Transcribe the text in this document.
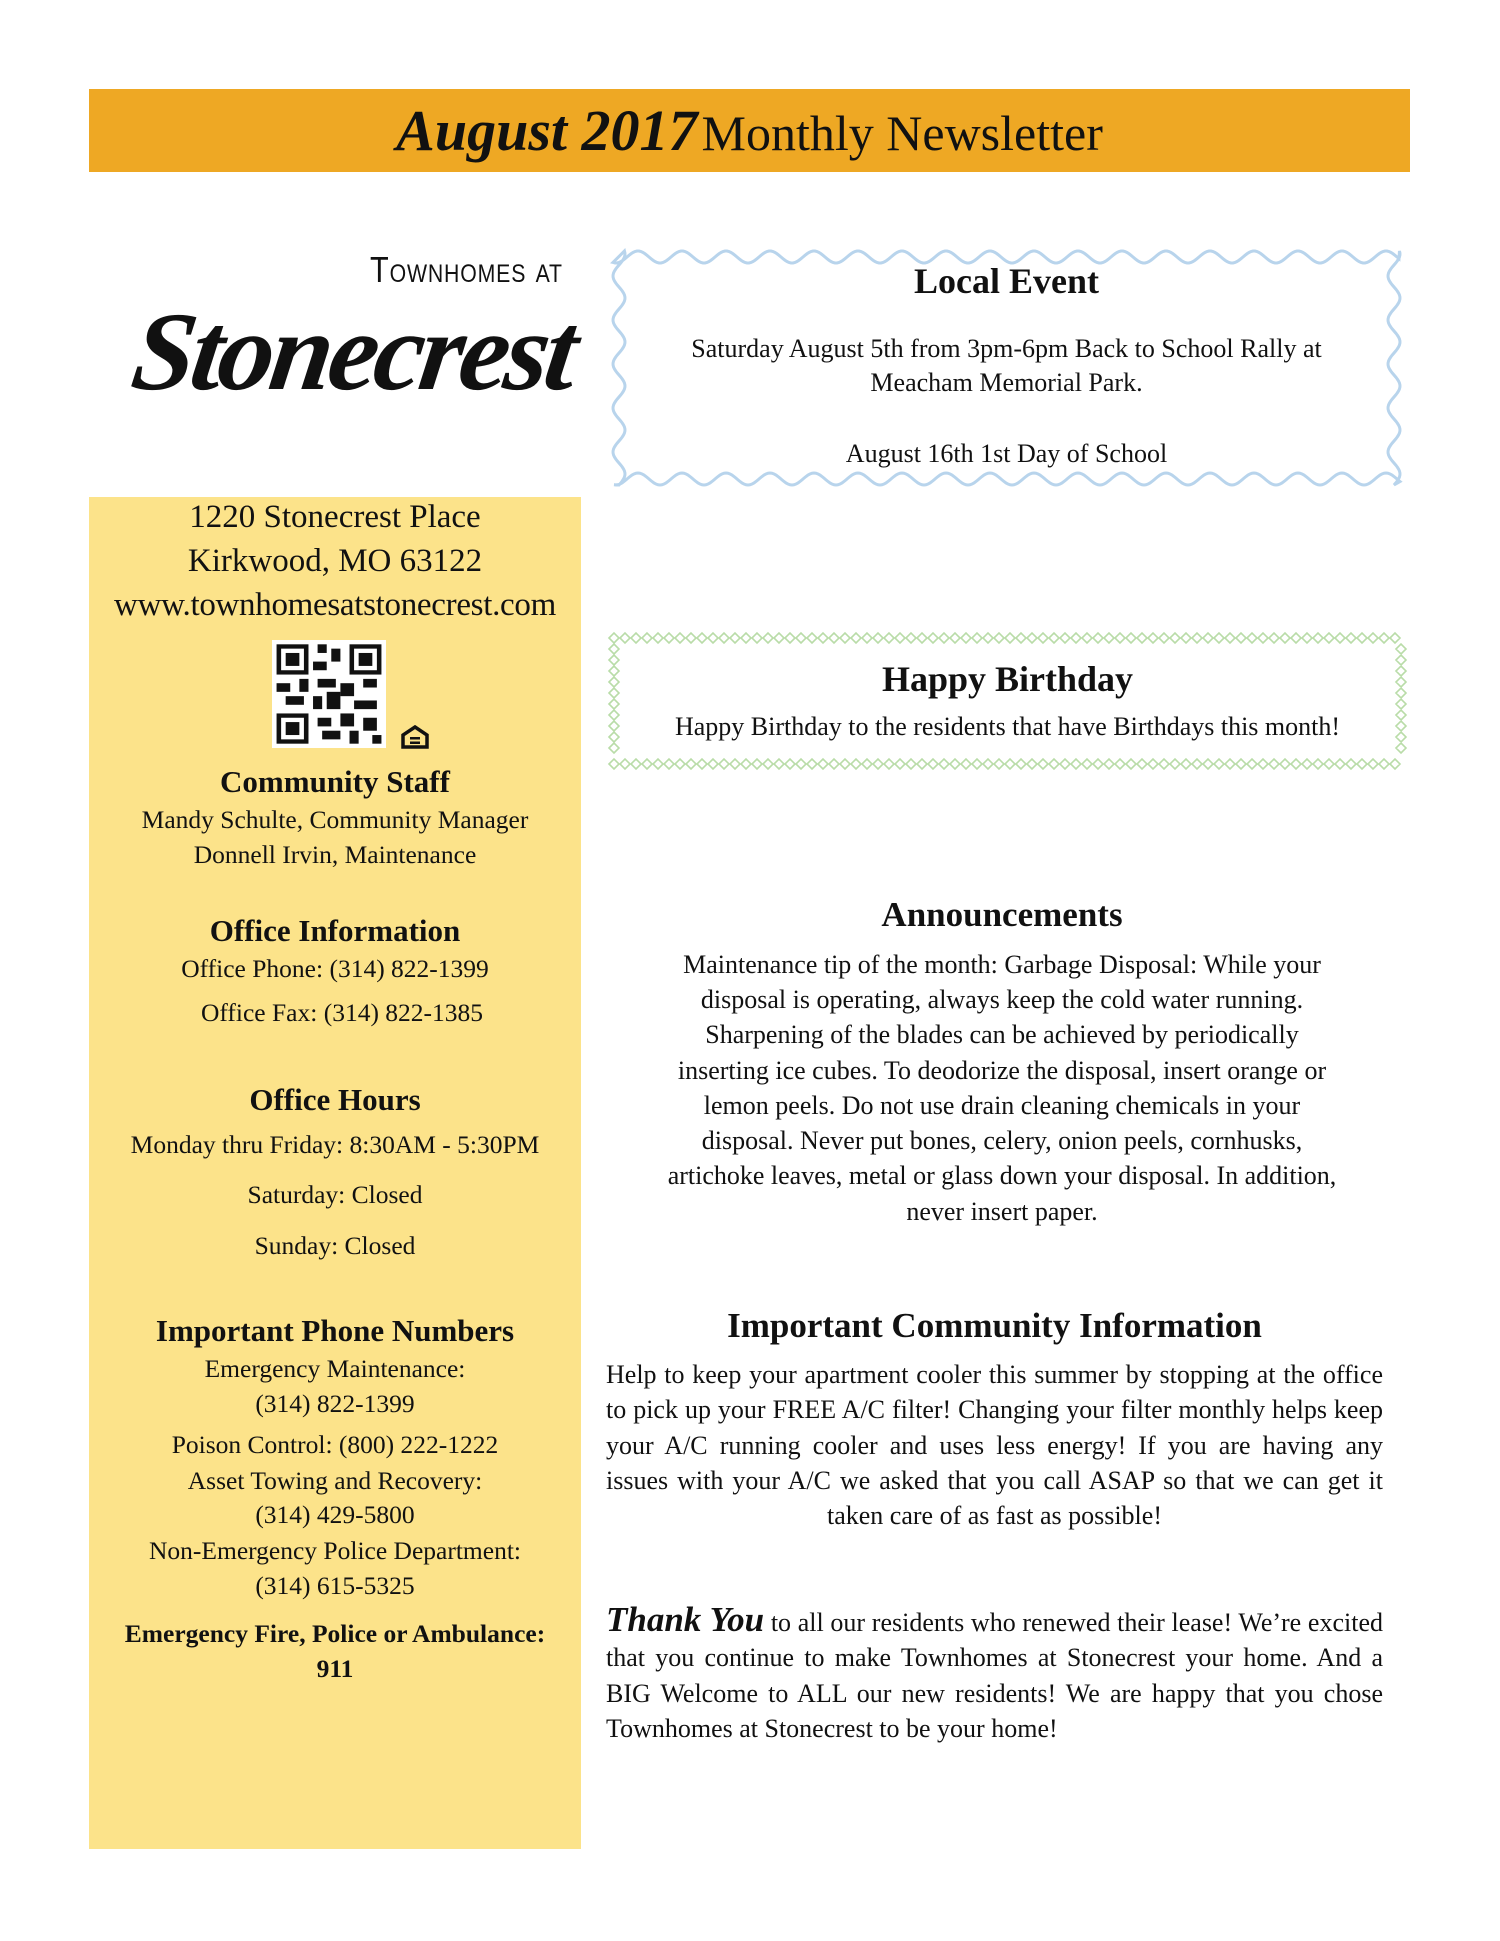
August 2017 Monthly Newsletter
Townhomes at
Stonecrest
1220 Stonecrest Place
Kirkwood, MO 63122
www.townhomesatstonecrest.com
Community Staff
Mandy Schulte, Community Manager
Donnell Irvin, Maintenance
Office Information
Office Phone: (314) 822-1399
Office Fax: (314) 822-1385
Office Hours
Monday thru Friday: 8:30AM - 5:30PM
Saturday: Closed
Sunday: Closed
Important Phone Numbers
Emergency Maintenance:
(314) 822-1399
Poison Control: (800) 222-1222
Asset Towing and Recovery:
(314) 429-5800
Non-Emergency Police Department:
(314) 615-5325
Emergency Fire, Police or Ambulance:
911
Local Event
Saturday August 5th from 3pm-6pm Back to School Rally at
Meacham Memorial Park.
August 16th 1st Day of School
Happy Birthday
Happy Birthday to the residents that have Birthdays this month!
Announcements
Maintenance tip of the month: Garbage Disposal: While your
disposal is operating, always keep the cold water running.
Sharpening of the blades can be achieved by periodically
inserting ice cubes. To deodorize the disposal, insert orange or
lemon peels. Do not use drain cleaning chemicals in your
disposal. Never put bones, celery, onion peels, cornhusks,
artichoke leaves, metal or glass down your disposal. In addition,
never insert paper.
Important Community Information
Help to keep your apartment cooler this summer by stopping at the office to pick up your FREE A/C filter! Changing your filter monthly helps keep your A/C running cooler and uses less energy! If you are having any issues with your A/C we asked that you call ASAP so that we can get it taken care of as fast as possible!
Thank You to all our residents who renewed their lease! We’re excited that you continue to make Townhomes at Stonecrest your home. And a BIG Welcome to ALL our new residents! We are happy that you chose Townhomes at Stonecrest to be your home!
